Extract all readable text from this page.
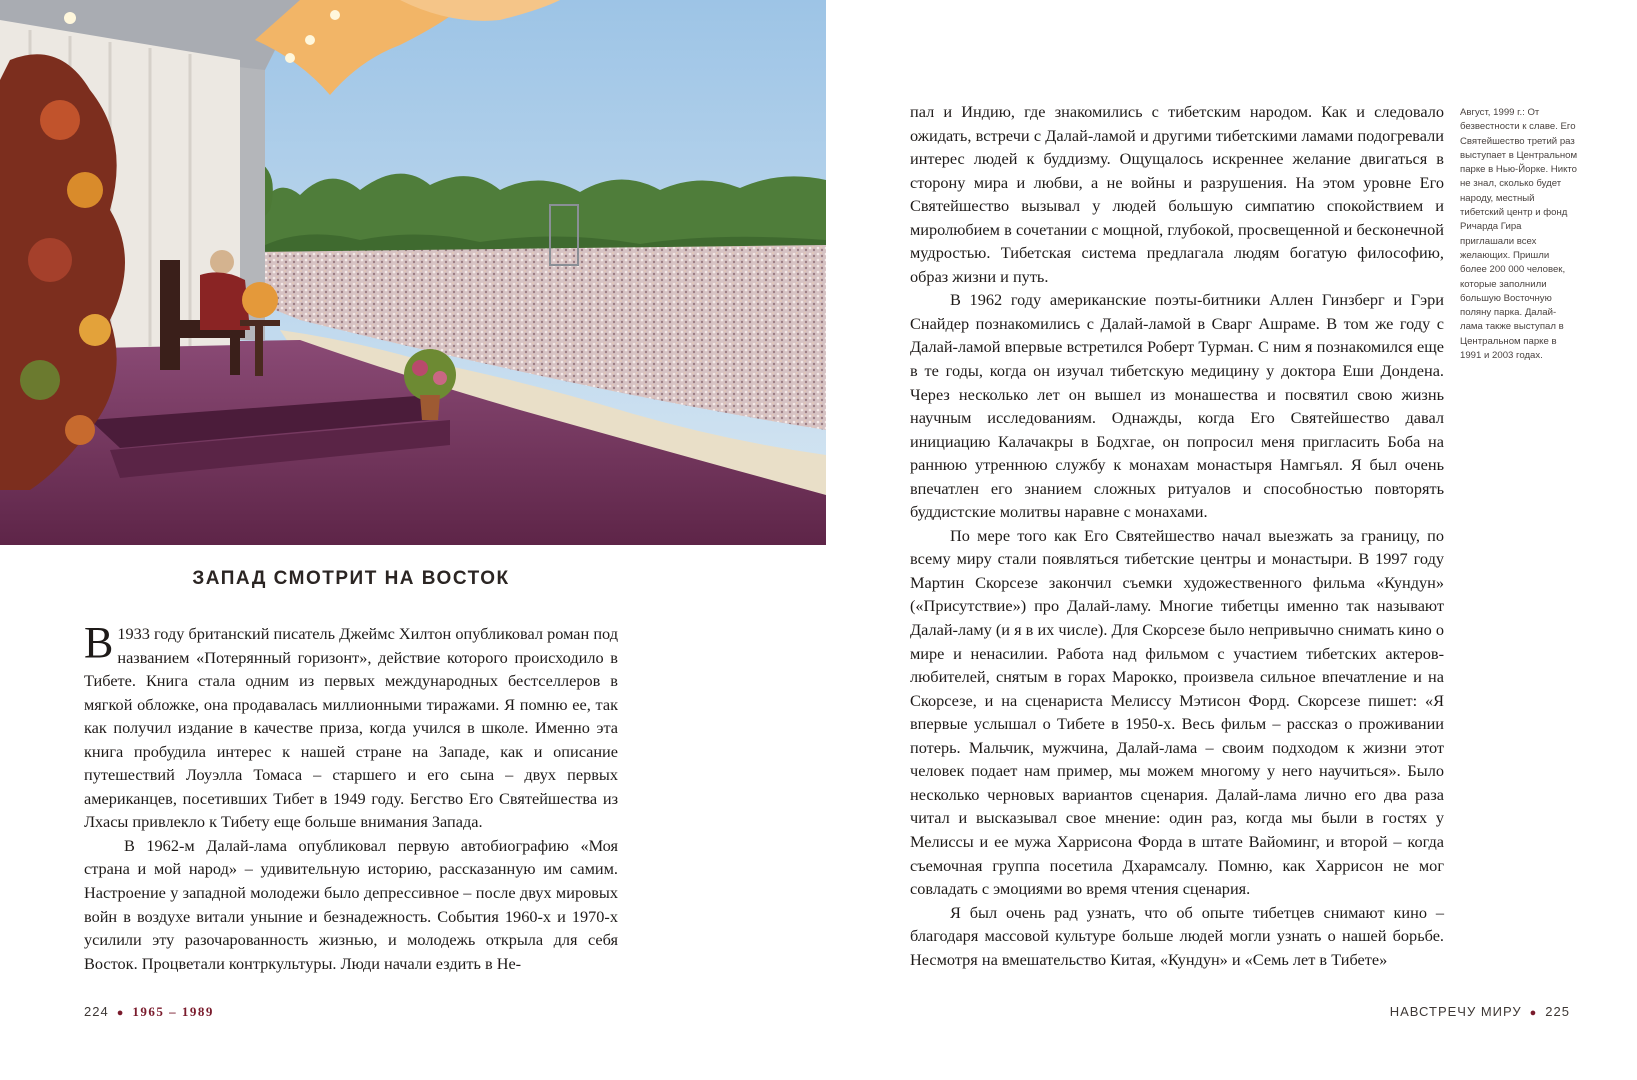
ЗАПАД СМОТРИТ НА ВОСТОК

В 1933 году британский писатель Джеймс Хилтон опубликовал роман под названием «Потерянный горизонт», действие которого происходило в Тибете. Книга стала одним из первых международных бестселлеров в мягкой обложке, она продавалась миллионными тиражами. Я помню ее, так как получил издание в качестве приза, когда учился в школе. Именно эта книга пробудила интерес к нашей стране на Западе, как и описание путешествий Лоуэлла Томаса – старшего и его сына – двух первых американцев, посетивших Тибет в 1949 году. Бегство Его Святейшества из Лхасы привлекло к Тибету еще больше внимания Запада.

В 1962-м Далай-лама опубликовал первую автобиографию «Моя страна и мой народ» – удивительную историю, рассказанную им самим. Настроение у западной молодежи было депрессивное – после двух мировых войн в воздухе витали уныние и безнадежность. События 1960-х и 1970-х усилили эту разочарованность жизнью, и молодежь открыла для себя Восток. Процветали контркультуры. Люди начали ездить в Не-

224 ● 1965 – 1989

пал и Индию, где знакомились с тибетским народом. Как и следовало ожидать, встречи с Далай-ламой и другими тибетскими ламами подогревали интерес людей к буддизму. Ощущалось искреннее желание двигаться в сторону мира и любви, а не войны и разрушения. На этом уровне Его Святейшество вызывал у людей большую симпатию спокойствием и миролюбием в сочетании с мощной, глубокой, просвещенной и бесконечной мудростью. Тибетская система предлагала людям богатую философию, образ жизни и путь.

В 1962 году американские поэты-битники Аллен Гинзберг и Гэри Снайдер познакомились с Далай-ламой в Сварг Ашраме. В том же году с Далай-ламой впервые встретился Роберт Турман. С ним я познакомился еще в те годы, когда он изучал тибетскую медицину у доктора Еши Дондена. Через несколько лет он вышел из монашества и посвятил свою жизнь научным исследованиям. Однажды, когда Его Святейшество давал инициацию Калачакры в Бодхгае, он попросил меня пригласить Боба на раннюю утреннюю службу к монахам монастыря Намгьял. Я был очень впечатлен его знанием сложных ритуалов и способностью повторять буддистские молитвы наравне с монахами.

По мере того как Его Святейшество начал выезжать за границу, по всему миру стали появляться тибетские центры и монастыри. В 1997 году Мартин Скорсезе закончил съемки художественного фильма «Кундун» («Присутствие») про Далай-ламу. Многие тибетцы именно так называют Далай-ламу (и я в их числе). Для Скорсезе было непривычно снимать кино о мире и ненасилии. Работа над фильмом с участием тибетских актеров-любителей, снятым в горах Марокко, произвела сильное впечатление и на Скорсезе, и на сценариста Мелиссу Мэтисон Форд. Скорсезе пишет: «Я впервые услышал о Тибете в 1950-х. Весь фильм – рассказ о проживании потерь. Мальчик, мужчина, Далай-лама – своим подходом к жизни этот человек подает нам пример, мы можем многому у него научиться». Было несколько черновых вариантов сценария. Далай-лама лично его два раза читал и высказывал свое мнение: один раз, когда мы были в гостях у Мелиссы и ее мужа Харрисона Форда в штате Вайоминг, и второй – когда съемочная группа посетила Дхарамсалу. Помню, как Харрисон не мог совладать с эмоциями во время чтения сценария.

Я был очень рад узнать, что об опыте тибетцев снимают кино – благодаря массовой культуре больше людей могли узнать о нашей борьбе. Несмотря на вмешательство Китая, «Кундун» и «Семь лет в Тибете»

Август, 1999 г.: От безвестности к славе. Его Святейшество третий раз выступает в Центральном парке в Нью-Йорке. Никто не знал, сколько будет народу, местный тибетский центр и фонд Ричарда Гира приглашали всех желающих. Пришли более 200 000 человек, которые заполнили большую Восточную поляну парка. Далай-лама также выступал в Центральном парке в 1991 и 2003 годах.
НАВСТРЕЧУ МИРУ ● 225
